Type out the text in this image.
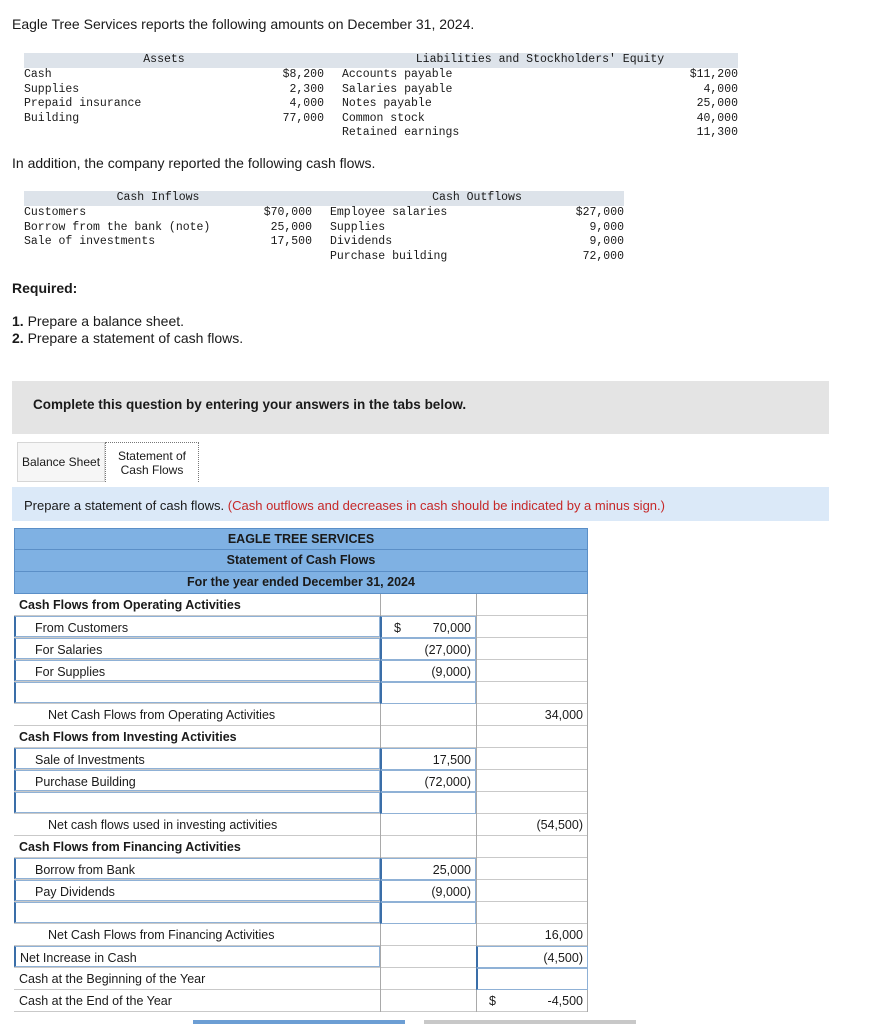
Eagle Tree Services reports the following amounts on December 31, 2024.
Assets			Liabilities and Stockholders' Equity	
Cash	$8,200		Accounts payable	$11,200
Supplies	2,300		Salaries payable	4,000
Prepaid insurance	4,000		Notes payable	25,000
Building	77,000		Common stock	40,000
			Retained earnings	11,300
In addition, the company reported the following cash flows.
Cash Inflows			Cash Outflows	
Customers	$70,000		Employee salaries	$27,000
Borrow from the bank (note)	25,000		Supplies	9,000
Sale of investments	17,500		Dividends	9,000
			Purchase building	72,000
Required:
1. Prepare a balance sheet.
2. Prepare a statement of cash flows.
Complete this question by entering your answers in the tabs below.
Balance Sheet Statement of
Cash Flows
Prepare a statement of cash flows. (Cash outflows and decreases in cash should be indicated by a minus sign.)
EAGLE TREE SERVICES
Statement of Cash Flows
For the year ended December 31, 2024
Cash Flows from Operating Activities
From Customers	$	70,000
For Salaries	(27,000)
For Supplies	(9,000)
Net Cash Flows from Operating Activities	34,000
Cash Flows from Investing Activities
Sale of Investments	17,500
Purchase Building	(72,000)
Net cash flows used in investing activities	(54,500)
Cash Flows from Financing Activities
Borrow from Bank	25,000
Pay Dividends	(9,000)
Net Cash Flows from Financing Activities	16,000
Net Increase in Cash	(4,500)
Cash at the Beginning of the Year
Cash at the End of the Year	$	-4,500
